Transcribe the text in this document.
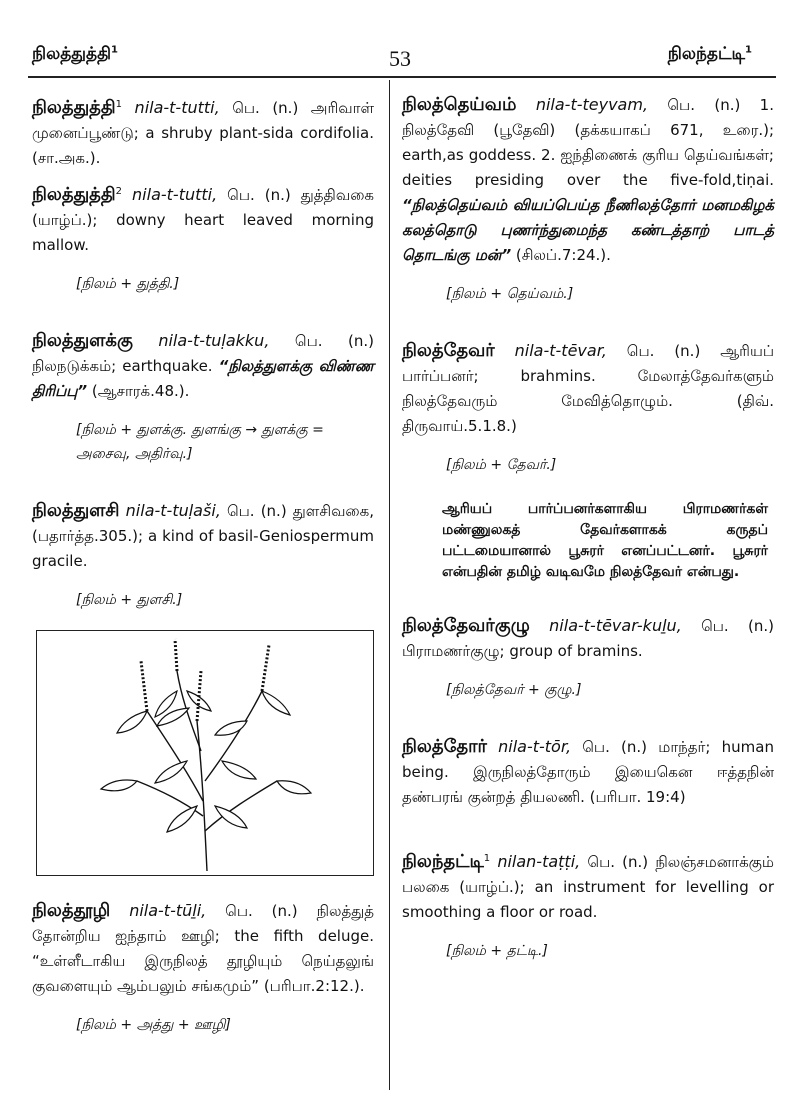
நிலத்துத்தி$^1$	53	நிலந்தட்டி$^1$
நிலத்துத்தி$^1$ nila-t-tutti, பெ. (n.) அரிவாள் முனைப்பூண்டு; a shruby plant-sida cordifolia. (சா.அக.).
நிலத்துத்தி$^2$ nila-t-tutti, பெ. (n.) துத்திவகை (யாழ்ப்.); downy heart leaved morning mallow.
[நிலம் + துத்தி.]
நிலத்துளக்கு nila-t-tuḷakku, பெ. (n.) நிலநடுக்கம்; earthquake. “நிலத்துளக்கு விண்ண திரிப்பு” (ஆசாரக்.48.).
[நிலம் + துளக்கு. துளங்கு → துளக்கு = அசைவு, அதிர்வு.]
நிலத்துளசி nila-t-tuḷaši, பெ. (n.) துளசிவகை, (பதார்த்த.305.); a kind of basil-Geniospermum gracile.
[நிலம் + துளசி.]
நிலத்தூழி nila-t-tūḻi, பெ. (n.) நிலத்துத் தோன்றிய ஐந்தாம் ஊழி; the fifth deluge. “உள்ளீடாகிய இருநிலத் தூழியும் நெய்தலுங் குவளையும் ஆம்பலும் சங்கமும்” (பரிபா.2:12.).
[நிலம் + அத்து + ஊழி]
நிலத்தெய்வம் nila-t-teyvam, பெ. (n.) 1. நிலத்தேவி (பூதேவி) (தக்கயாகப் 671, உரை.); earth,as goddess. 2. ஐந்திணைக் குரிய தெய்வங்கள்; deities presiding over the five-fold,tiṇai. “நிலத்தெய்வம் வியப்பெய்த நீணிலத்தோர் மனமகிழக் கலத்தொடு புணர்ந்துமைந்த கண்டத்தாற் பாடத் தொடங்கு மன்” (சிலப்.7:24.).
[நிலம் + தெய்வம்.]
நிலத்தேவர் nila-t-tēvar, பெ. (n.) ஆரியப் பார்ப்பனர்; brahmins. மேலாத்தேவர்களும் நிலத்தேவரும் மேவித்தொழும். (திவ். திருவாய்.5.1.8.)
[நிலம் + தேவர்.]
ஆரியப் பார்ப்பனர்களாகிய பிராமணர்கள் மண்ணுலகத் தேவர்களாகக் கருதப் பட்டமையானால் பூசுரர் எனப்பட்டனர். பூசுரர் என்பதின் தமிழ் வடிவமே நிலத்தேவர் என்பது.
நிலத்தேவர்குழு nila-t-tēvar-kuḻu, பெ. (n.) பிராமணர்குழு; group of bramins.
[நிலத்தேவர் + குழு.]
நிலத்தோர் nila-t-tōr, பெ. (n.) மாந்தர்; human being. இருநிலத்தோரும் இயைகென ஈத்தநின் தண்பரங் குன்றத் தியலணி. (பரிபா. 19:4)
நிலந்தட்டி$^1$ nilan-taṭṭi, பெ. (n.) நிலஞ்சமனாக்கும் பலகை (யாழ்ப்.); an instrument for levelling or smoothing a floor or road.
[நிலம் + தட்டி.]
